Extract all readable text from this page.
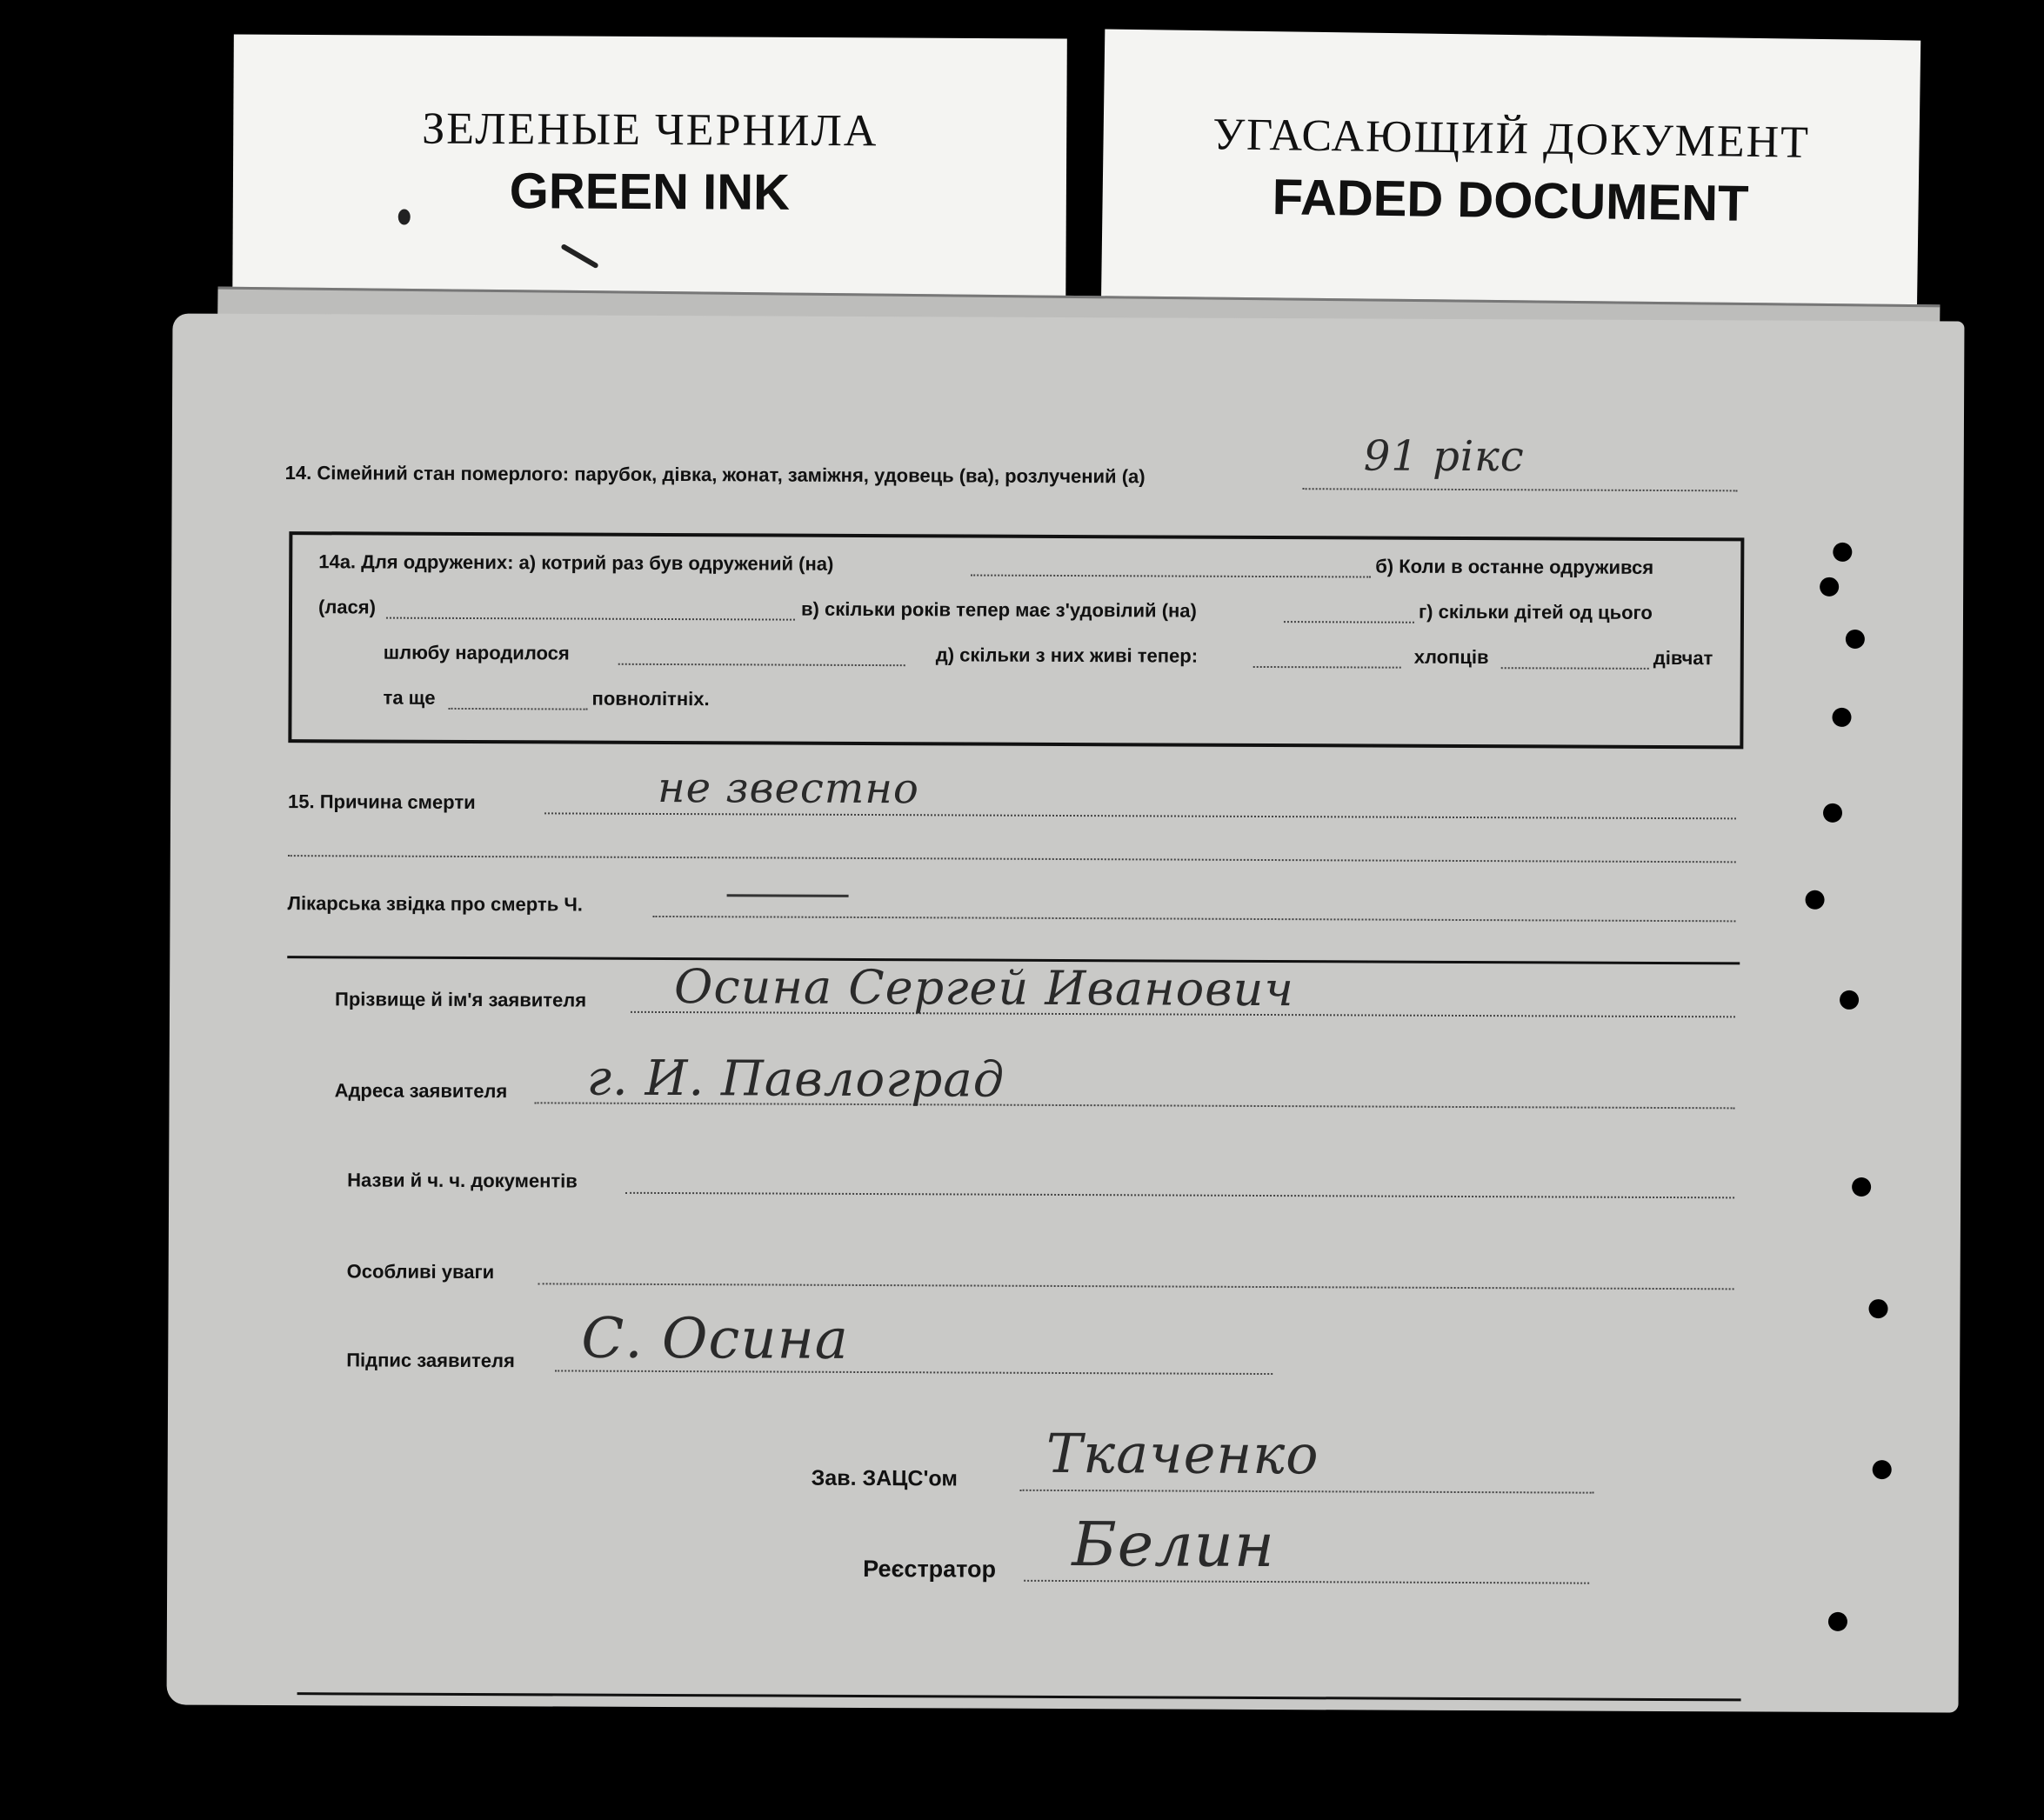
ЗЕЛЕНЫЕ ЧЕРНИЛА
GREEN INK
УГАСАЮЩИЙ ДОКУМЕНТ
FADED DOCUMENT
14. Сімейний стан померлого: парубок, дівка, жонат, заміжня, удовець (ва), розлучений (а)	91 рiкс
14а. Для одружених: а) котрий раз був одружений (на)	б) Коли в останне одружився
(лася)	в) скільки років тепер має з'удовілий (на)	г) скільки дітей од цього
шлюбу народилося	д) скільки з них живі тепер:	хлопців	дівчат
та ще	повнолітніх.
15. Причина смерти	не звестно
Лікарська звідка про смерть Ч.
Прізвище й ім'я заявителя Осина Сергей Иванович
Адреса заявителя г. И. Павлоград
Назви й ч. ч. документів
Особливі уваги
Підпис заявителя С. Осина
Зав. ЗАЦС'ом Ткаченко
Реєстратор Белин
